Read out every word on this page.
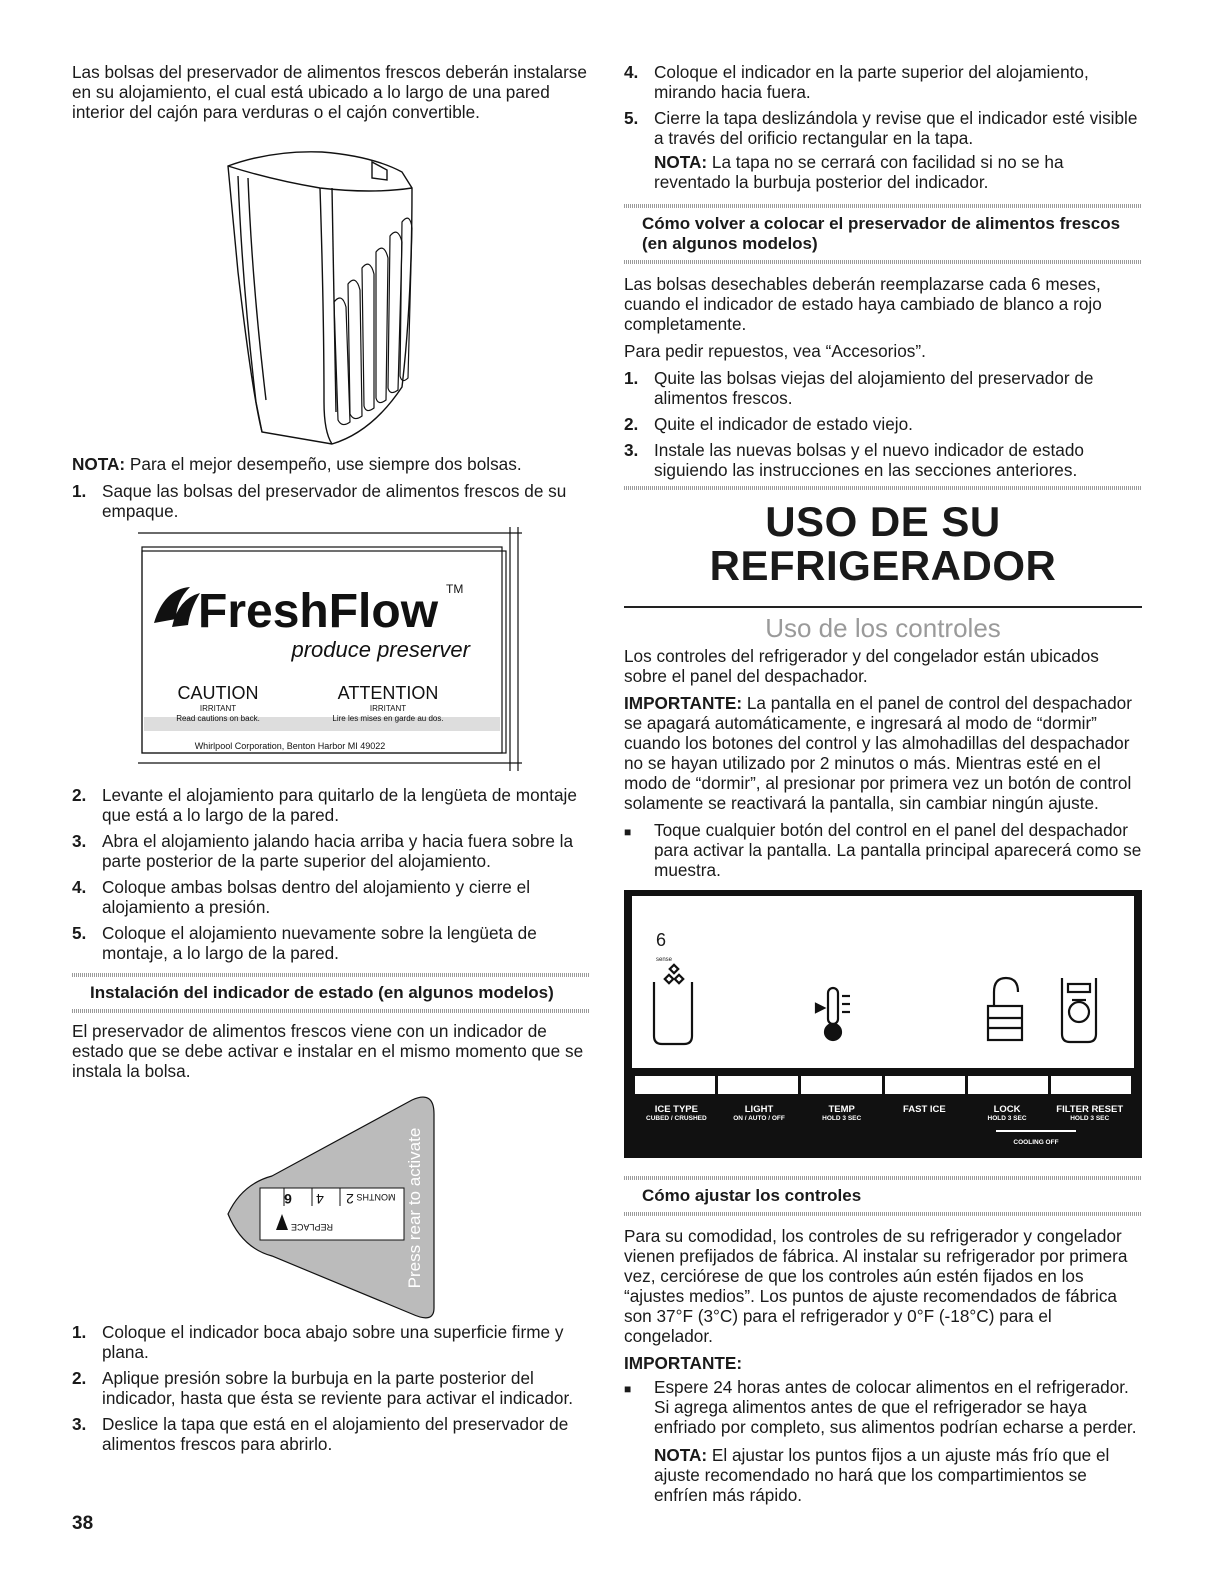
Las bolsas del preservador de alimentos frescos deberán instalarse en su alojamiento, el cual está ubicado a lo largo de una pared interior del cajón para verduras o el cajón convertible.

NOTA: Para el mejor desempeño, use siempre dos bolsas.

1. Saque las bolsas del preservador de alimentos frescos de su empaque.
FreshFlow TM
produce preserver
CAUTION
IRRITANT
Read cautions on back.
ATTENTION
IRRITANT
Lire les mises en garde au dos.
Whirlpool Corporation, Benton Harbor MI 49022
2. Levante el alojamiento para quitarlo de la lengüeta de montaje que está a lo largo de la pared.
3. Abra el alojamiento jalando hacia arriba y hacia fuera sobre la parte posterior de la parte superior del alojamiento.
4. Coloque ambas bolsas dentro del alojamiento y cierre el alojamiento a presión.
5. Coloque el alojamiento nuevamente sobre la lengüeta de montaje, a lo largo de la pared.
Instalación del indicador de estado (en algunos modelos)

El preservador de alimentos frescos viene con un indicador de estado que se debe activar e instalar en el mismo momento que se instala la bolsa.

6 4 2 MONTHS
REPLACE	Press rear to activate
1. Coloque el indicador boca abajo sobre una superficie firme y plana.
2. Aplique presión sobre la burbuja en la parte posterior del indicador, hasta que ésta se reviente para activar el indicador.
3. Deslice la tapa que está en el alojamiento del preservador de alimentos frescos para abrirlo.
4. Coloque el indicador en la parte superior del alojamiento, mirando hacia fuera.
5. Cierre la tapa deslizándola y revise que el indicador esté visible a través del orificio rectangular en la tapa.

NOTA: La tapa no se cerrará con facilidad si no se ha reventado la burbuja posterior del indicador.

Cómo volver a colocar el preservador de alimentos frescos (en algunos modelos)

Las bolsas desechables deberán reemplazarse cada 6 meses, cuando el indicador de estado haya cambiado de blanco a rojo completamente.

Para pedir repuestos, vea “Accesorios”.

1. Quite las bolsas viejas del alojamiento del preservador de alimentos frescos.
2. Quite el indicador de estado viejo.
3. Instale las nuevas bolsas y el nuevo indicador de estado siguiendo las instrucciones en las secciones anteriores.
USO DE SU
REFRIGERADOR
Uso de los controles

Los controles del refrigerador y del congelador están ubicados sobre el panel del despachador.

IMPORTANTE: La pantalla en el panel de control del despachador se apagará automáticamente, e ingresará al modo de “dormir” cuando los botones del control y las almohadillas del despachador no se hayan utilizado por 2 minutos o más. Mientras esté en el modo de “dormir”, al presionar por primera vez un botón de control solamente se reactivará la pantalla, sin cambiar ningún ajuste.

■ Toque cualquier botón del control en el panel del despachador para activar la pantalla. La pantalla principal aparecerá como se muestra.
6
sense
ICE TYPE
CUBED / CRUSHED
LIGHT
ON / AUTO / OFF
TEMP
HOLD 3 SEC
FAST ICE	LOCK
HOLD 3 SEC
FILTER RESET
HOLD 3 SEC
COOLING OFF
Cómo ajustar los controles

Para su comodidad, los controles de su refrigerador y congelador vienen prefijados de fábrica. Al instalar su refrigerador por primera vez, cerciórese de que los controles aún estén fijados en los “ajustes medios”. Los puntos de ajuste recomendados de fábrica son 37°F (3°C) para el refrigerador y 0°F (-18°C) para el congelador.

IMPORTANTE:

■ Espere 24 horas antes de colocar alimentos en el refrigerador. Si agrega alimentos antes de que el refrigerador se haya enfriado por completo, sus alimentos podrían echarse a perder.

NOTA: El ajustar los puntos fijos a un ajuste más frío que el ajuste recomendado no hará que los compartimientos se enfríen más rápido.

38
